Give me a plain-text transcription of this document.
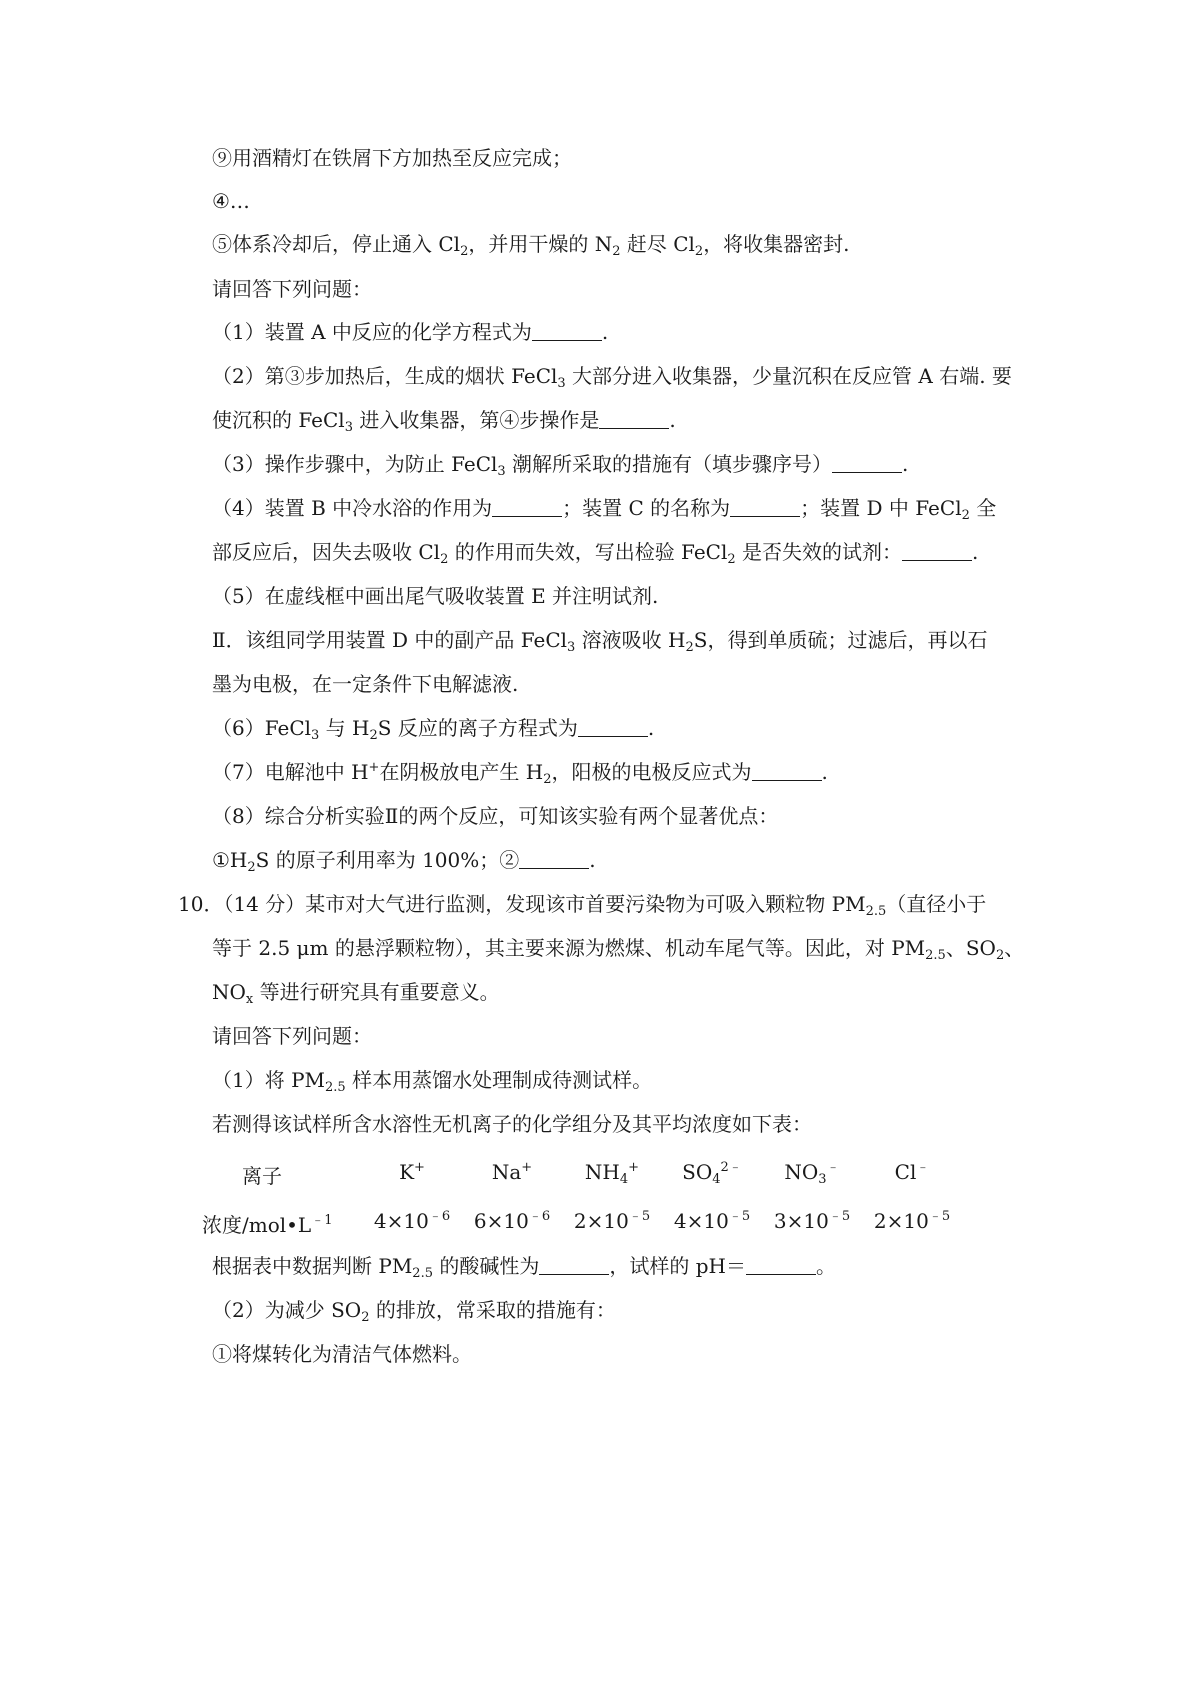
⑨用酒精灯在铁屑下方加热至反应完成；
④…
⑤体系冷却后，停止通入 $Cl_2$，并用干燥的 $N_2$ 赶尽 $Cl_2$，将收集器密封.
请回答下列问题：
（1）装置 A 中反应的化学方程式为	.
（2）第③步加热后，生成的烟状 FeCl$_3$ 大部分进入收集器，少量沉积在反应管 A 右端. 要
使沉积的 FeCl$_3$ 进入收集器，第④步操作是	.
（3）操作步骤中，为防止 FeCl$_3$ 潮解所采取的措施有（填步骤序号）	.
（4）装置 B 中冷水浴的作用为	；装置 C 的名称为	；装置 D 中 FeCl$_2$ 全
部反应后，因失去吸收 $Cl_2$ 的作用而失效，写出检验 FeCl$_2$ 是否失效的试剂：	.
（5）在虚线框中画出尾气吸收装置 E 并注明试剂.
Ⅱ．该组同学用装置 D 中的副产品 FeCl$_3$ 溶液吸收 $H_2S$，得到单质硫；过滤后，再以石
墨为电极，在一定条件下电解滤液.
（6）FeCl$_3$ 与 $H_2S$ 反应的离子方程式为	.
（7）电解池中 H+在阴极放电产生 $H_2$，阳极的电极反应式为	.
（8）综合分析实验Ⅱ的两个反应，可知该实验有两个显著优点：
$①H_2S$ 的原子利用率为 100%；②	.
10．（14 分）某市对大气进行监测，发现该市首要污染物为可吸入颗粒物 $PM_{2.5}$（直径小于
等于 2.5 μm 的悬浮颗粒物），其主要来源为燃煤、机动车尾气等。因此，对 $PM_{2.5}$、$SO_2$、
$NO_x$ 等进行研究具有重要意义。
请回答下列问题：
（1）将 $PM_{2.5}$ 样本用蒸馏水处理制成待测试样。
若测得该试样所含水溶性无机离子的化学组分及其平均浓度如下表：
离子	K+	Na+	$NH_4^+$	$SO_4^{2﹣}$	$NO_3^﹣$	Cl﹣
浓度$/mol•L^{﹣1}$	$4\times 10^{﹣6}$	$6\times 10^{﹣6}$	$2\times 10^{﹣5}$	$4\times 10^{﹣5}$	$3\times 10^{﹣5}$	$2\times 10^{﹣5}$
根据表中数据判断 $PM_{2.5}$ 的酸碱性为	，试样的 pH＝	。
（2）为减少 $SO_2$ 的排放，常采取的措施有：
①将煤转化为清洁气体燃料。
